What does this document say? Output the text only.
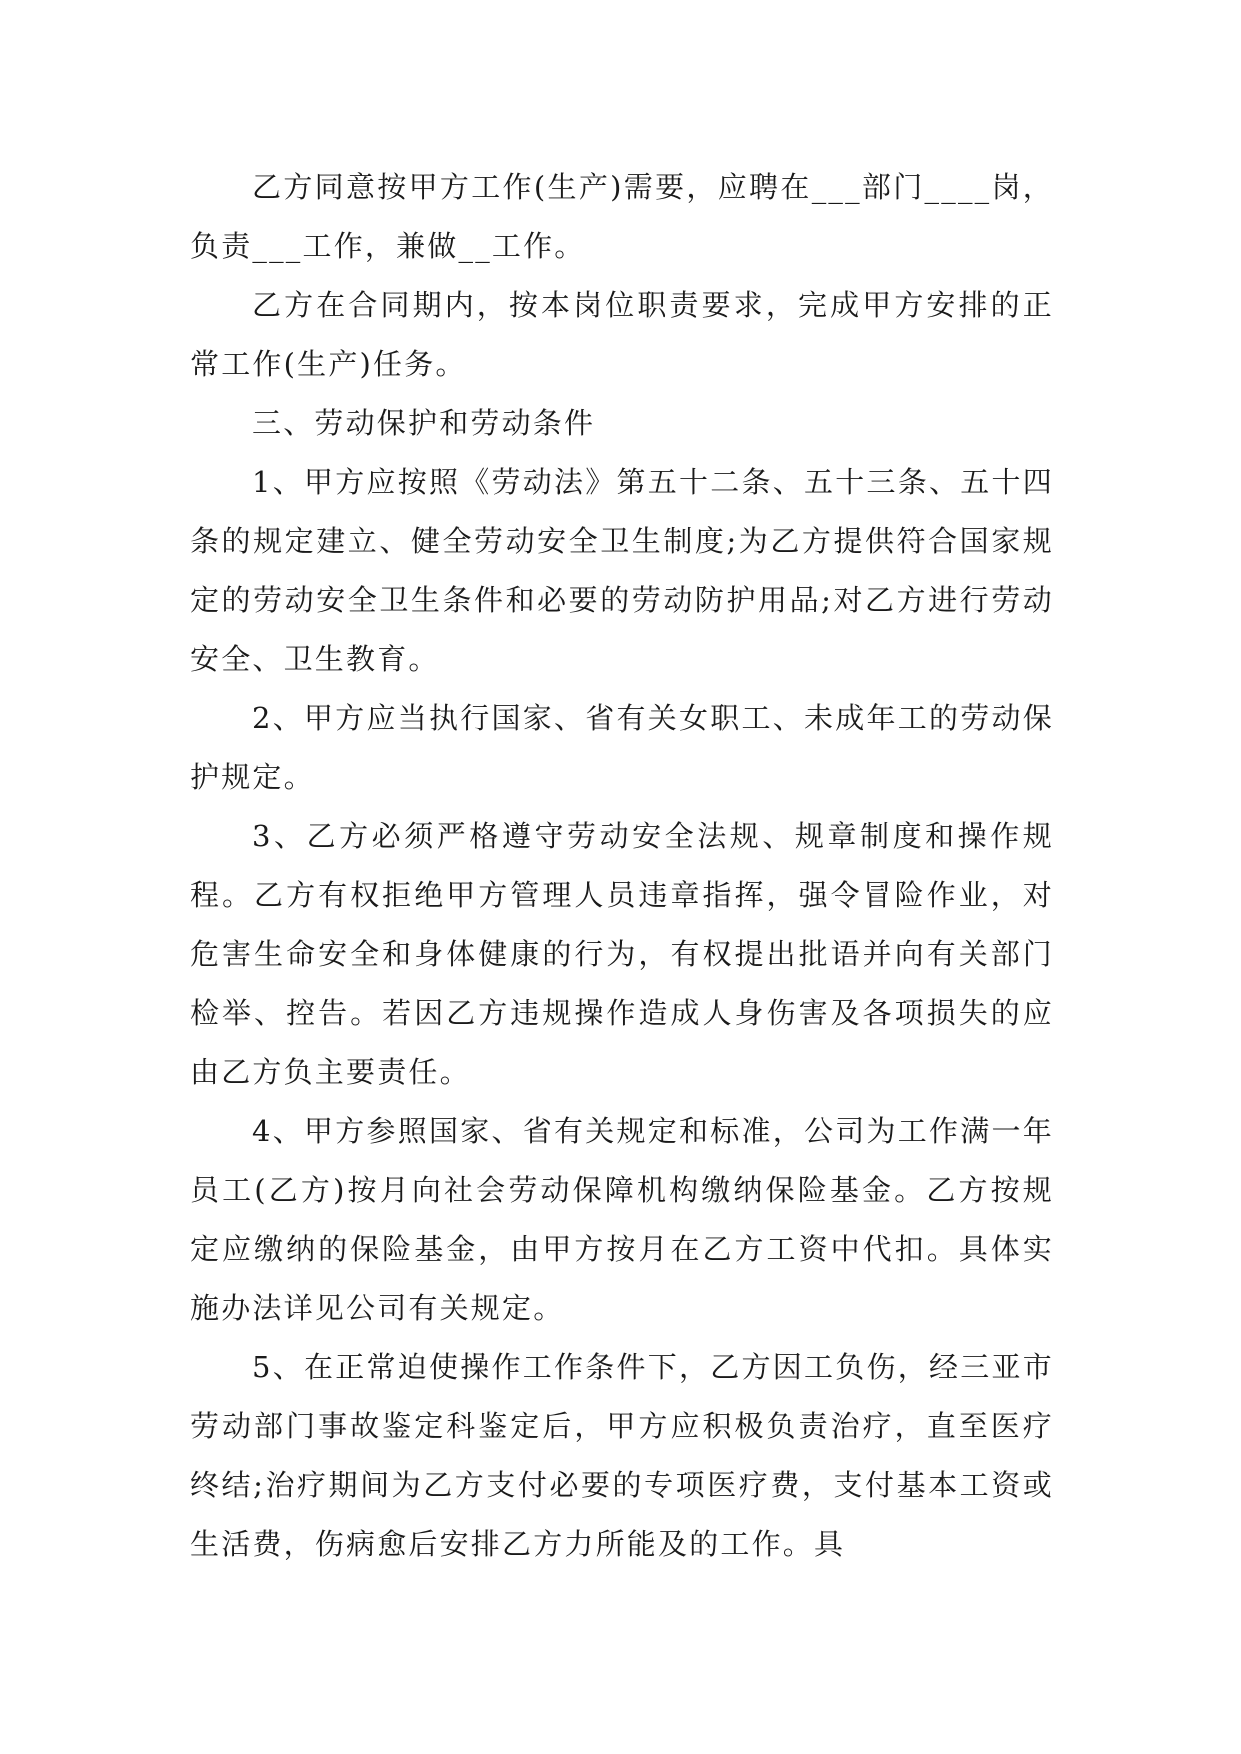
乙方同意按甲方工作(生产)需要，应聘在___部门____岗，负责___工作，兼做__工作。

乙方在合同期内，按本岗位职责要求，完成甲方安排的正常工作(生产)任务。

三、劳动保护和劳动条件

1、甲方应按照《劳动法》第五十二条、五十三条、五十四条的规定建立、健全劳动安全卫生制度;为乙方提供符合国家规定的劳动安全卫生条件和必要的劳动防护用品;对乙方进行劳动安全、卫生教育。

2、甲方应当执行国家、省有关女职工、未成年工的劳动保护规定。

3、乙方必须严格遵守劳动安全法规、规章制度和操作规程。乙方有权拒绝甲方管理人员违章指挥，强令冒险作业，对危害生命安全和身体健康的行为，有权提出批语并向有关部门检举、控告。若因乙方违规操作造成人身伤害及各项损失的应由乙方负主要责任。

4、甲方参照国家、省有关规定和标准，公司为工作满一年员工(乙方)按月向社会劳动保障机构缴纳保险基金。乙方按规定应缴纳的保险基金，由甲方按月在乙方工资中代扣。具体实施办法详见公司有关规定。

5、在正常迫使操作工作条件下，乙方因工负伤，经三亚市劳动部门事故鉴定科鉴定后，甲方应积极负责治疗，直至医疗终结;治疗期间为乙方支付必要的专项医疗费，支付基本工资或生活费，伤病愈后安排乙方力所能及的工作。具
